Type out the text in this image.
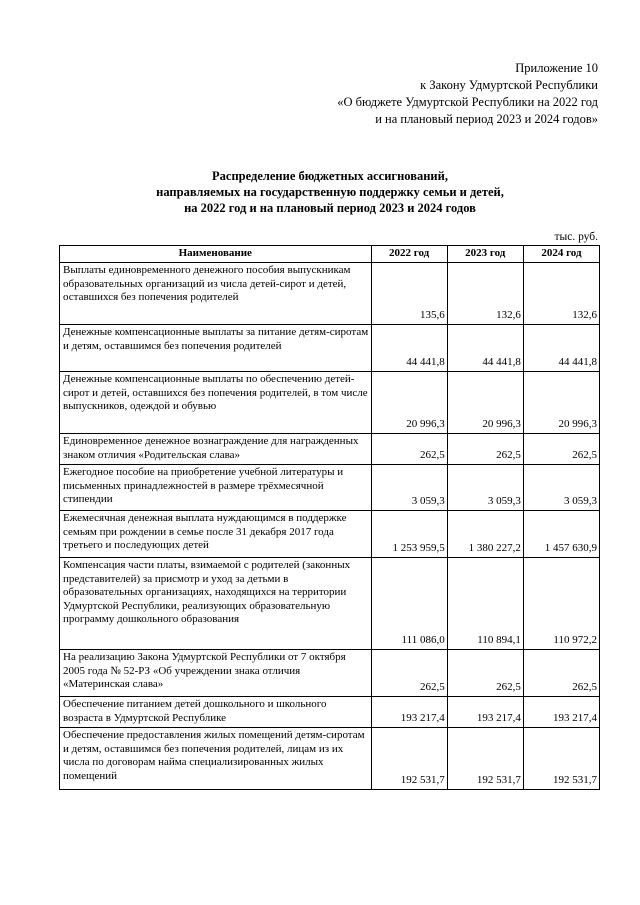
Приложение 10
к Закону Удмуртской Республики
«О бюджете Удмуртской Республики на 2022 год
и на плановый период 2023 и 2024 годов»
Распределение бюджетных ассигнований,
направляемых на государственную поддержку семьи и детей,
на 2022 год и на плановый период 2023 и 2024 годов
тыс. руб.
Наименование	2022 год	2023 год	2024 год
Выплаты единовременного денежного пособия выпускникам образовательных организаций из числа детей-сирот и детей, оставшихся без попечения родителей	135,6	132,6	132,6
Денежные компенсационные выплаты за питание детям-сиротам и детям, оставшимся без попечения родителей	44 441,8	44 441,8	44 441,8
Денежные компенсационные выплаты по обеспечению детей-сирот и детей, оставшихся без попечения родителей, в том числе выпускников, одеждой и обувью	20 996,3	20 996,3	20 996,3
Единовременное денежное вознаграждение для награжденных знаком отличия «Родительская слава»	262,5	262,5	262,5
Ежегодное пособие на приобретение учебной литературы и письменных принадлежностей в размере трёхмесячной стипендии	3 059,3	3 059,3	3 059,3
Ежемесячная денежная выплата нуждающимся в поддержке семьям при рождении в семье после 31 декабря 2017 года третьего и последующих детей	1 253 959,5	1 380 227,2	1 457 630,9
Компенсация части платы, взимаемой с родителей (законных представителей) за присмотр и уход за детьми в образовательных организациях, находящихся на территории Удмуртской Республики, реализующих образовательную программу дошкольного образования	111 086,0	110 894,1	110 972,2
На реализацию Закона Удмуртской Республики от 7 октября 2005 года № 52-РЗ «Об учреждении знака отличия «Материнская слава»	262,5	262,5	262,5
Обеспечение питанием детей дошкольного и школьного возраста в Удмуртской Республике	193 217,4	193 217,4	193 217,4
Обеспечение предоставления жилых помещений детям-сиротам и детям, оставшимся без попечения родителей, лицам из их числа по договорам найма специализированных жилых помещений	192 531,7	192 531,7	192 531,7
